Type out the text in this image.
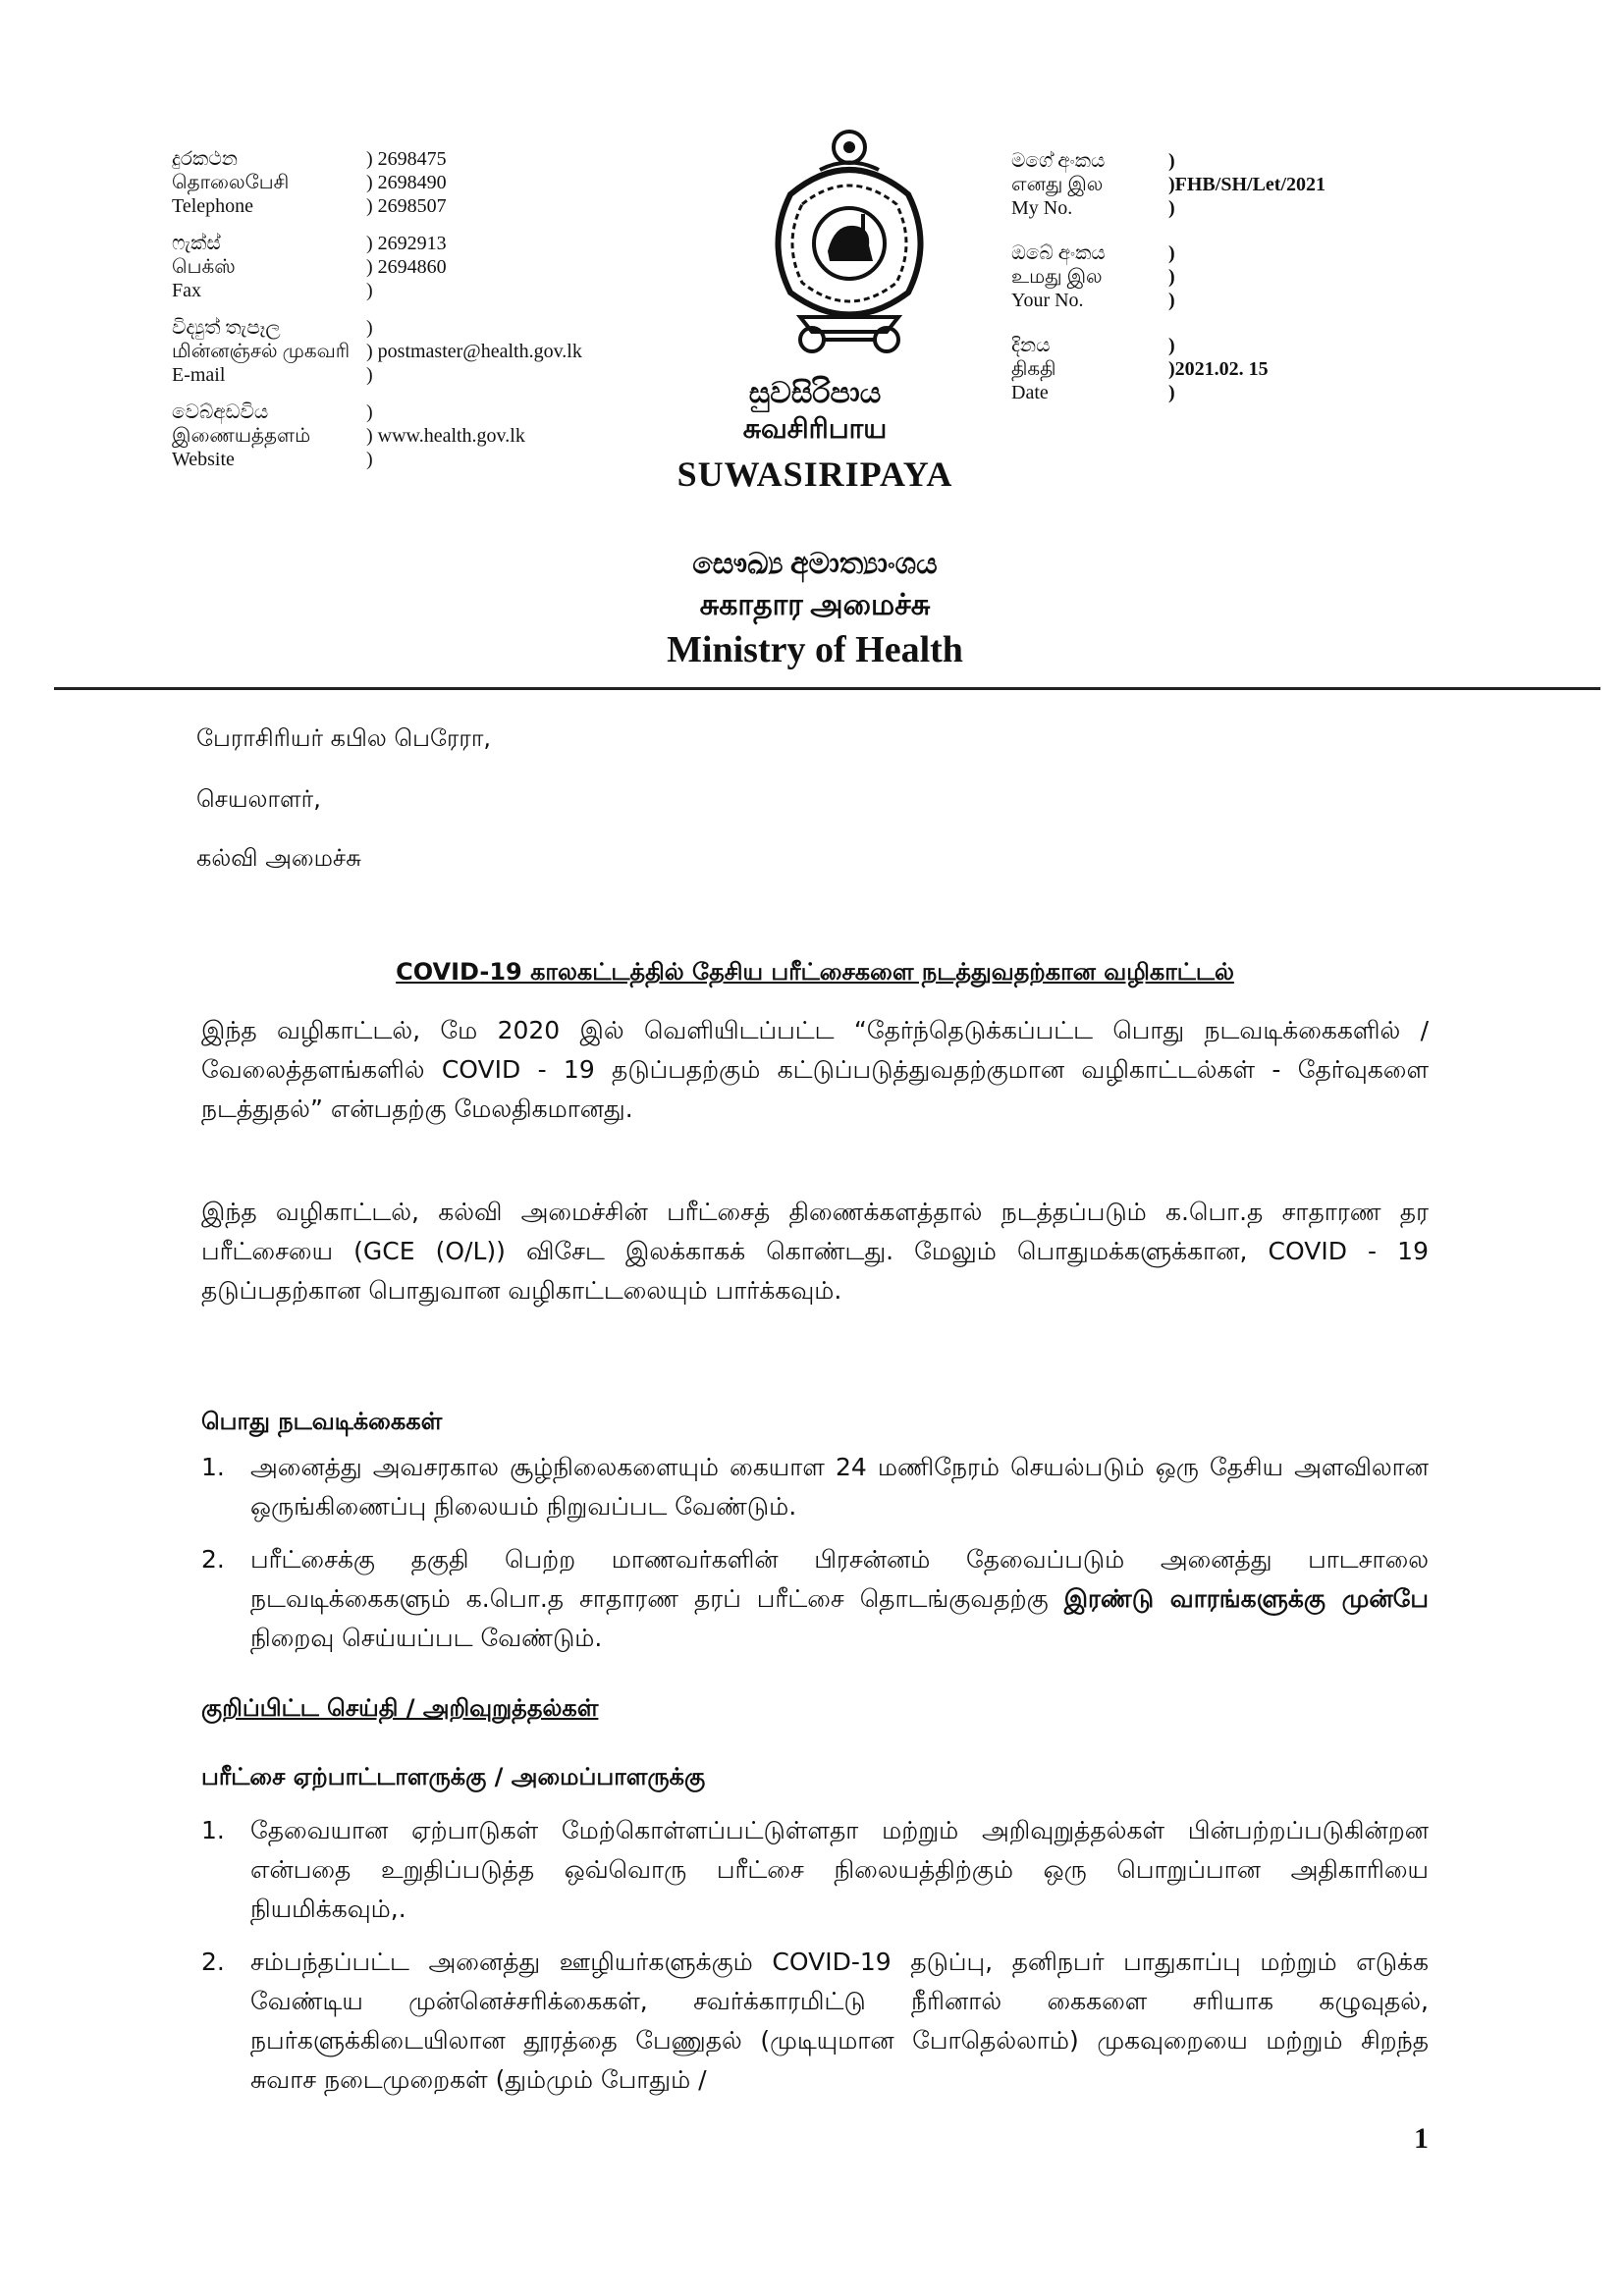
දුරකථන	) 2698475
தொலைபேசி	) 2698490
Telephone	) 2698507
ෆැක්ස්	) 2692913
பெக்ஸ்	) 2694860
Fax	)
විද්‍යුත් තැපෑල	)
மின்னஞ்சல் முகவரி ) postmaster@health.gov.lk
E-mail	)
වෙබ්අඩවිය	)
இணையத்தளம்	) www.health.gov.lk
Website	)
සුවසිරිපාය
சுவசிரிபாய
SUWASIRIPAYA
මගේ අංකය	)
எனது இல	)FHB/SH/Let/2021
My No.	)
ඔබේ අංකය	)
உமது இல	)
Your No.	)
දිනය	)
திகதி	)2021.02. 15
Date	)
සෞඛ්‍ය අමාත්‍යාංශය
சுகாதார அமைச்சு
Ministry of Health
பேராசிரியர் கபில பெரேரா,
செயலாளர்,
கல்வி அமைச்சு
COVID-19 காலகட்டத்தில் தேசிய பரீட்சைகளை நடத்துவதற்கான வழிகாட்டல்
இந்த வழிகாட்டல், மே 2020 இல் வெளியிடப்பட்ட “தேர்ந்தெடுக்கப்பட்ட பொது நடவடிக்கைகளில் / வேலைத்தளங்களில் COVID - 19 தடுப்பதற்கும் கட்டுப்படுத்துவதற்குமான வழிகாட்டல்கள் - தேர்வுகளை நடத்துதல்” என்பதற்கு மேலதிகமானது.
இந்த வழிகாட்டல், கல்வி அமைச்சின் பரீட்சைத் திணைக்களத்தால் நடத்தப்படும் க.பொ.த சாதாரண தர பரீட்சையை (GCE (O/L)) விசேட இலக்காகக் கொண்டது. மேலும் பொதுமக்களுக்கான, COVID - 19 தடுப்பதற்கான பொதுவான வழிகாட்டலையும் பார்க்கவும்.
பொது நடவடிக்கைகள்
1.	அனைத்து அவசரகால சூழ்நிலைகளையும் கையாள 24 மணிநேரம் செயல்படும் ஒரு தேசிய அளவிலான ஒருங்கிணைப்பு நிலையம் நிறுவப்பட வேண்டும்.
2.	பரீட்சைக்கு தகுதி பெற்ற மாணவர்களின் பிரசன்னம் தேவைப்படும் அனைத்து பாடசாலை நடவடிக்கைகளும் க.பொ.த சாதாரண தரப் பரீட்சை தொடங்குவதற்கு இரண்டு வாரங்களுக்கு முன்பே நிறைவு செய்யப்பட வேண்டும்.
குறிப்பிட்ட செய்தி / அறிவுறுத்தல்கள்
பரீட்சை ஏற்பாட்டாளருக்கு / அமைப்பாளருக்கு
1.	தேவையான ஏற்பாடுகள் மேற்கொள்ளப்பட்டுள்ளதா மற்றும் அறிவுறுத்தல்கள் பின்பற்றப்படுகின்றன என்பதை உறுதிப்படுத்த ஒவ்வொரு பரீட்சை நிலையத்திற்கும் ஒரு பொறுப்பான அதிகாரியை நியமிக்கவும்,.
2.	சம்பந்தப்பட்ட அனைத்து ஊழியர்களுக்கும் COVID-19 தடுப்பு, தனிநபர் பாதுகாப்பு மற்றும் எடுக்க வேண்டிய முன்னெச்சரிக்கைகள், சவர்க்காரமிட்டு நீரினால் கைகளை சரியாக கழுவுதல், நபர்களுக்கிடையிலான தூரத்தை பேணுதல் (முடியுமான போதெல்லாம்) முகவுறையை மற்றும் சிறந்த சுவாச நடைமுறைகள் (தும்மும் போதும் /
1
